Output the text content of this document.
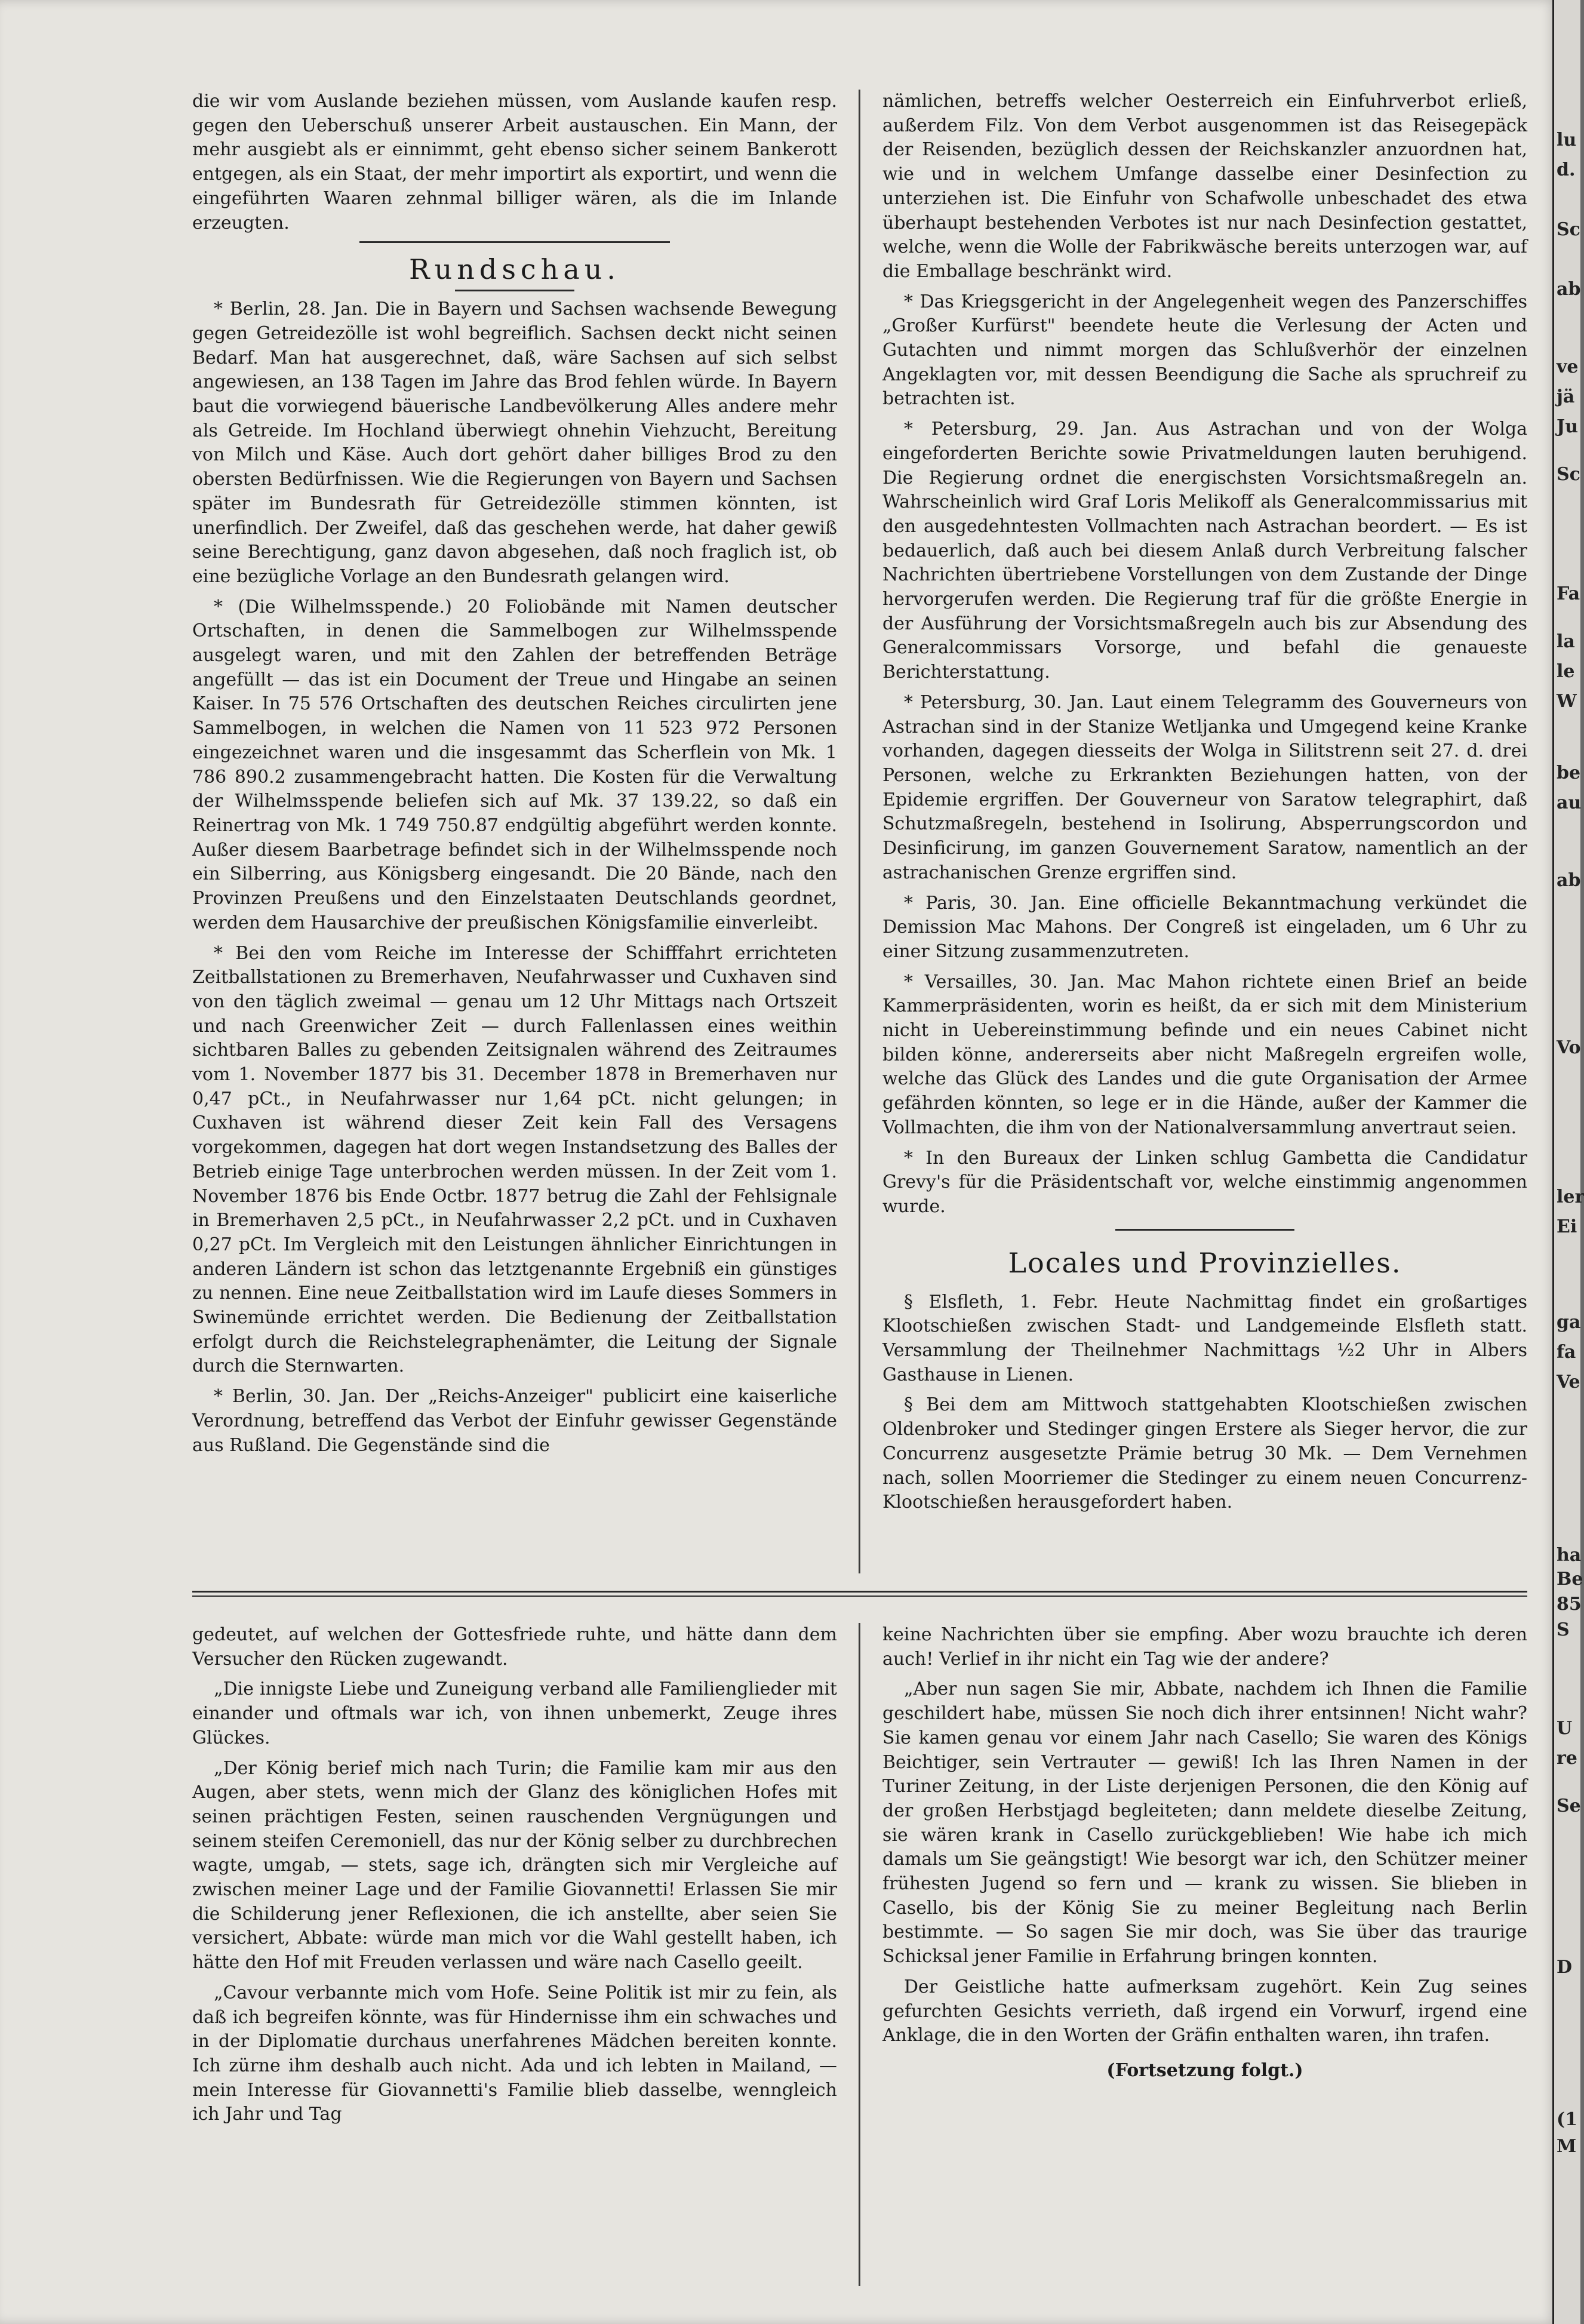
die wir vom Auslande beziehen müssen, vom Auslande kaufen resp. gegen den Ueberschuß unserer Arbeit austauschen. Ein Mann, der mehr ausgiebt als er einnimmt, geht ebenso sicher seinem Bankerott entgegen, als ein Staat, der mehr importirt als exportirt, und wenn die eingeführten Waaren zehnmal billiger wären, als die im Inlande erzeugten.

Rundschau.

* Berlin, 28. Jan. Die in Bayern und Sachsen wachsende Bewegung gegen Getreidezölle ist wohl begreiflich. Sachsen deckt nicht seinen Bedarf. Man hat ausgerechnet, daß, wäre Sachsen auf sich selbst angewiesen, an 138 Tagen im Jahre das Brod fehlen würde. In Bayern baut die vorwiegend bäuerische Landbevölkerung Alles andere mehr als Getreide. Im Hochland überwiegt ohnehin Viehzucht, Bereitung von Milch und Käse. Auch dort gehört daher billiges Brod zu den obersten Bedürfnissen. Wie die Regierungen von Bayern und Sachsen später im Bundesrath für Getreidezölle stimmen könnten, ist unerfindlich. Der Zweifel, daß das geschehen werde, hat daher gewiß seine Berechtigung, ganz davon abgesehen, daß noch fraglich ist, ob eine bezügliche Vorlage an den Bundesrath gelangen wird.

* (Die Wilhelmsspende.) 20 Foliobände mit Namen deutscher Ortschaften, in denen die Sammelbogen zur Wilhelmsspende ausgelegt waren, und mit den Zahlen der betreffenden Beträge angefüllt — das ist ein Document der Treue und Hingabe an seinen Kaiser. In 75 576 Ortschaften des deutschen Reiches circulirten jene Sammelbogen, in welchen die Namen von 11 523 972 Personen eingezeichnet waren und die insgesammt das Scherflein von Mk. 1 786 890.2 zusammengebracht hatten. Die Kosten für die Verwaltung der Wilhelmsspende beliefen sich auf Mk. 37 139.22, so daß ein Reinertrag von Mk. 1 749 750.87 endgültig abgeführt werden konnte. Außer diesem Baarbetrage befindet sich in der Wilhelmsspende noch ein Silberring, aus Königsberg eingesandt. Die 20 Bände, nach den Provinzen Preußens und den Einzelstaaten Deutschlands geordnet, werden dem Hausarchive der preußischen Königsfamilie einverleibt.

* Bei den vom Reiche im Interesse der Schifffahrt errichteten Zeitballstationen zu Bremerhaven, Neufahrwasser und Cuxhaven sind von den täglich zweimal — genau um 12 Uhr Mittags nach Ortszeit und nach Greenwicher Zeit — durch Fallenlassen eines weithin sichtbaren Balles zu gebenden Zeitsignalen während des Zeitraumes vom 1. November 1877 bis 31. December 1878 in Bremerhaven nur 0,47 pCt., in Neufahrwasser nur 1,64 pCt. nicht gelungen; in Cuxhaven ist während dieser Zeit kein Fall des Versagens vorgekommen, dagegen hat dort wegen Instandsetzung des Balles der Betrieb einige Tage unterbrochen werden müssen. In der Zeit vom 1. November 1876 bis Ende Octbr. 1877 betrug die Zahl der Fehlsignale in Bremerhaven 2,5 pCt., in Neufahrwasser 2,2 pCt. und in Cuxhaven 0,27 pCt. Im Vergleich mit den Leistungen ähnlicher Einrichtungen in anderen Ländern ist schon das letztgenannte Ergebniß ein günstiges zu nennen. Eine neue Zeitballstation wird im Laufe dieses Sommers in Swinemünde errichtet werden. Die Bedienung der Zeitballstation erfolgt durch die Reichstelegraphenämter, die Leitung der Signale durch die Sternwarten.

* Berlin, 30. Jan. Der „Reichs-Anzeiger" publicirt eine kaiserliche Verordnung, betreffend das Verbot der Einfuhr gewisser Gegenstände aus Rußland. Die Gegenstände sind die

nämlichen, betreffs welcher Oesterreich ein Einfuhrverbot erließ, außerdem Filz. Von dem Verbot ausgenommen ist das Reisegepäck der Reisenden, bezüglich dessen der Reichskanzler anzuordnen hat, wie und in welchem Umfange dasselbe einer Desinfection zu unterziehen ist. Die Einfuhr von Schafwolle unbeschadet des etwa überhaupt bestehenden Verbotes ist nur nach Desinfection gestattet, welche, wenn die Wolle der Fabrikwäsche bereits unterzogen war, auf die Emballage beschränkt wird.

* Das Kriegsgericht in der Angelegenheit wegen des Panzerschiffes „Großer Kurfürst" beendete heute die Verlesung der Acten und Gutachten und nimmt morgen das Schlußverhör der einzelnen Angeklagten vor, mit dessen Beendigung die Sache als spruchreif zu betrachten ist.

* Petersburg, 29. Jan. Aus Astrachan und von der Wolga eingeforderten Berichte sowie Privatmeldungen lauten beruhigend. Die Regierung ordnet die energischsten Vorsichtsmaßregeln an. Wahrscheinlich wird Graf Loris Melikoff als Generalcommissarius mit den ausgedehntesten Vollmachten nach Astrachan beordert. — Es ist bedauerlich, daß auch bei diesem Anlaß durch Verbreitung falscher Nachrichten übertriebene Vorstellungen von dem Zustande der Dinge hervorgerufen werden. Die Regierung traf für die größte Energie in der Ausführung der Vorsichtsmaßregeln auch bis zur Absendung des Generalcommissars Vorsorge, und befahl die genaueste Berichterstattung.

* Petersburg, 30. Jan. Laut einem Telegramm des Gouverneurs von Astrachan sind in der Stanize Wetljanka und Umgegend keine Kranke vorhanden, dagegen diesseits der Wolga in Silitstrenn seit 27. d. drei Personen, welche zu Erkrankten Beziehungen hatten, von der Epidemie ergriffen. Der Gouverneur von Saratow telegraphirt, daß Schutzmaßregeln, bestehend in Isolirung, Absperrungscordon und Desinficirung, im ganzen Gouvernement Saratow, namentlich an der astrachanischen Grenze ergriffen sind.

* Paris, 30. Jan. Eine officielle Bekanntmachung verkündet die Demission Mac Mahons. Der Congreß ist eingeladen, um 6 Uhr zu einer Sitzung zusammenzutreten.

* Versailles, 30. Jan. Mac Mahon richtete einen Brief an beide Kammerpräsidenten, worin es heißt, da er sich mit dem Ministerium nicht in Uebereinstimmung befinde und ein neues Cabinet nicht bilden könne, andererseits aber nicht Maßregeln ergreifen wolle, welche das Glück des Landes und die gute Organisation der Armee gefährden könnten, so lege er in die Hände, außer der Kammer die Vollmachten, die ihm von der Nationalversammlung anvertraut seien.

* In den Bureaux der Linken schlug Gambetta die Candidatur Grevy's für die Präsidentschaft vor, welche einstimmig angenommen wurde.

Locales und Provinzielles.

§ Elsfleth, 1. Febr. Heute Nachmittag findet ein großartiges Klootschießen zwischen Stadt- und Landgemeinde Elsfleth statt. Versammlung der Theilnehmer Nachmittags ½2 Uhr in Albers Gasthause in Lienen.

§ Bei dem am Mittwoch stattgehabten Klootschießen zwischen Oldenbroker und Stedinger gingen Erstere als Sieger hervor, die zur Concurrenz ausgesetzte Prämie betrug 30 Mk. — Dem Vernehmen nach, sollen Moorriemer die Stedinger zu einem neuen Concurrenz-Klootschießen herausgefordert haben.

gedeutet, auf welchen der Gottesfriede ruhte, und hätte dann dem Versucher den Rücken zugewandt.

„Die innigste Liebe und Zuneigung verband alle Familienglieder mit einander und oftmals war ich, von ihnen unbemerkt, Zeuge ihres Glückes.

„Der König berief mich nach Turin; die Familie kam mir aus den Augen, aber stets, wenn mich der Glanz des königlichen Hofes mit seinen prächtigen Festen, seinen rauschenden Vergnügungen und seinem steifen Ceremoniell, das nur der König selber zu durchbrechen wagte, umgab, — stets, sage ich, drängten sich mir Vergleiche auf zwischen meiner Lage und der Familie Giovannetti! Erlassen Sie mir die Schilderung jener Reflexionen, die ich anstellte, aber seien Sie versichert, Abbate: würde man mich vor die Wahl gestellt haben, ich hätte den Hof mit Freuden verlassen und wäre nach Casello geeilt.

„Cavour verbannte mich vom Hofe. Seine Politik ist mir zu fein, als daß ich begreifen könnte, was für Hindernisse ihm ein schwaches und in der Diplomatie durchaus unerfahrenes Mädchen bereiten konnte. Ich zürne ihm deshalb auch nicht. Ada und ich lebten in Mailand, — mein Interesse für Giovannetti's Familie blieb dasselbe, wenngleich ich Jahr und Tag

keine Nachrichten über sie empfing. Aber wozu brauchte ich deren auch! Verlief in ihr nicht ein Tag wie der andere?

„Aber nun sagen Sie mir, Abbate, nachdem ich Ihnen die Familie geschildert habe, müssen Sie noch dich ihrer entsinnen! Nicht wahr? Sie kamen genau vor einem Jahr nach Casello; Sie waren des Königs Beichtiger, sein Vertrauter — gewiß! Ich las Ihren Namen in der Turiner Zeitung, in der Liste derjenigen Personen, die den König auf der großen Herbstjagd begleiteten; dann meldete dieselbe Zeitung, sie wären krank in Casello zurückgeblieben! Wie habe ich mich damals um Sie geängstigt! Wie besorgt war ich, den Schützer meiner frühesten Jugend so fern und — krank zu wissen. Sie blieben in Casello, bis der König Sie zu meiner Begleitung nach Berlin bestimmte. — So sagen Sie mir doch, was Sie über das traurige Schicksal jener Familie in Erfahrung bringen konnten.

Der Geistliche hatte aufmerksam zugehört. Kein Zug seines gefurchten Gesichts verrieth, daß irgend ein Vorwurf, irgend eine Anklage, die in den Worten der Gräfin enthalten waren, ihn trafen.

(Fortsetzung folgt.)

lu
d.
Sc
ab
ve
jä
Ju
Sc
Fa
la
le
W
be
au
ab
Vo
ler
Ei
ga
fa
Ve
ha
Be
85
S
U
re
Se
D
(1
M
